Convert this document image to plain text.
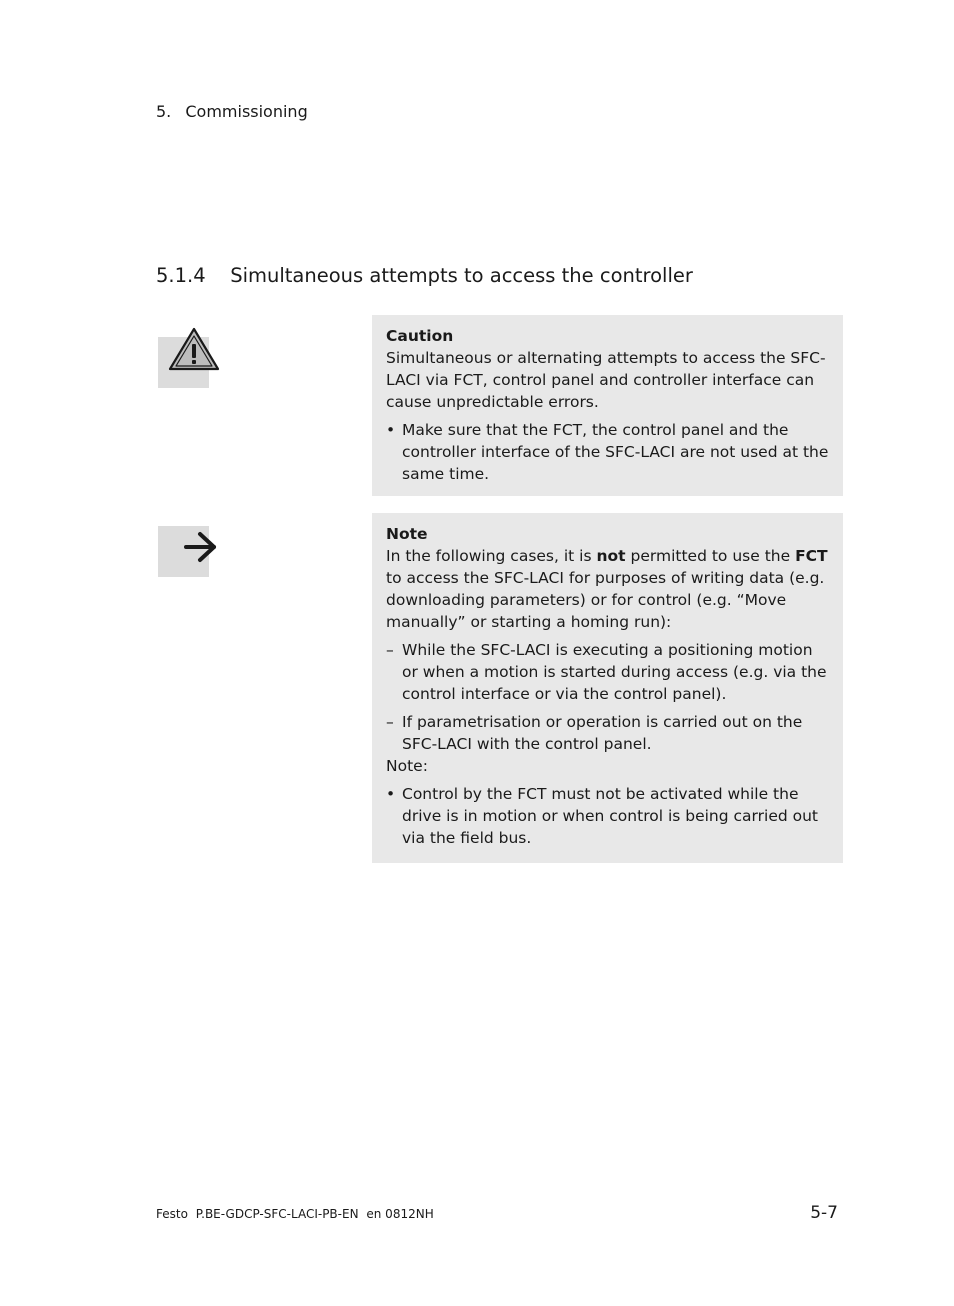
5. Commissioning
5.1.4 Simultaneous attempts to access the controller
Caution

Simultaneous or alternating attempts to access the SFC-LACI via FCT, control panel and controller interface can cause unpredictable errors.

• Make sure that the FCT, the control panel and the controller interface of the SFC-LACI are not used at the same time.
Note

In the following cases, it is not permitted to use the FCT to access the SFC-LACI for purposes of writing data (e.g. downloading parameters) or for control (e.g. “Move manually” or starting a homing run):

– While the SFC-LACI is executing a positioning motion or when a motion is started during access (e.g. via the control interface or via the control panel).
– If parametrisation or operation is carried out on the SFC-LACI with the control panel.

Note:

• Control by the FCT must not be activated while the drive is in motion or when control is being carried out via the field bus.
Festo P.BE-GDCP-SFC-LACI-PB-EN en 0812NH	5-7
